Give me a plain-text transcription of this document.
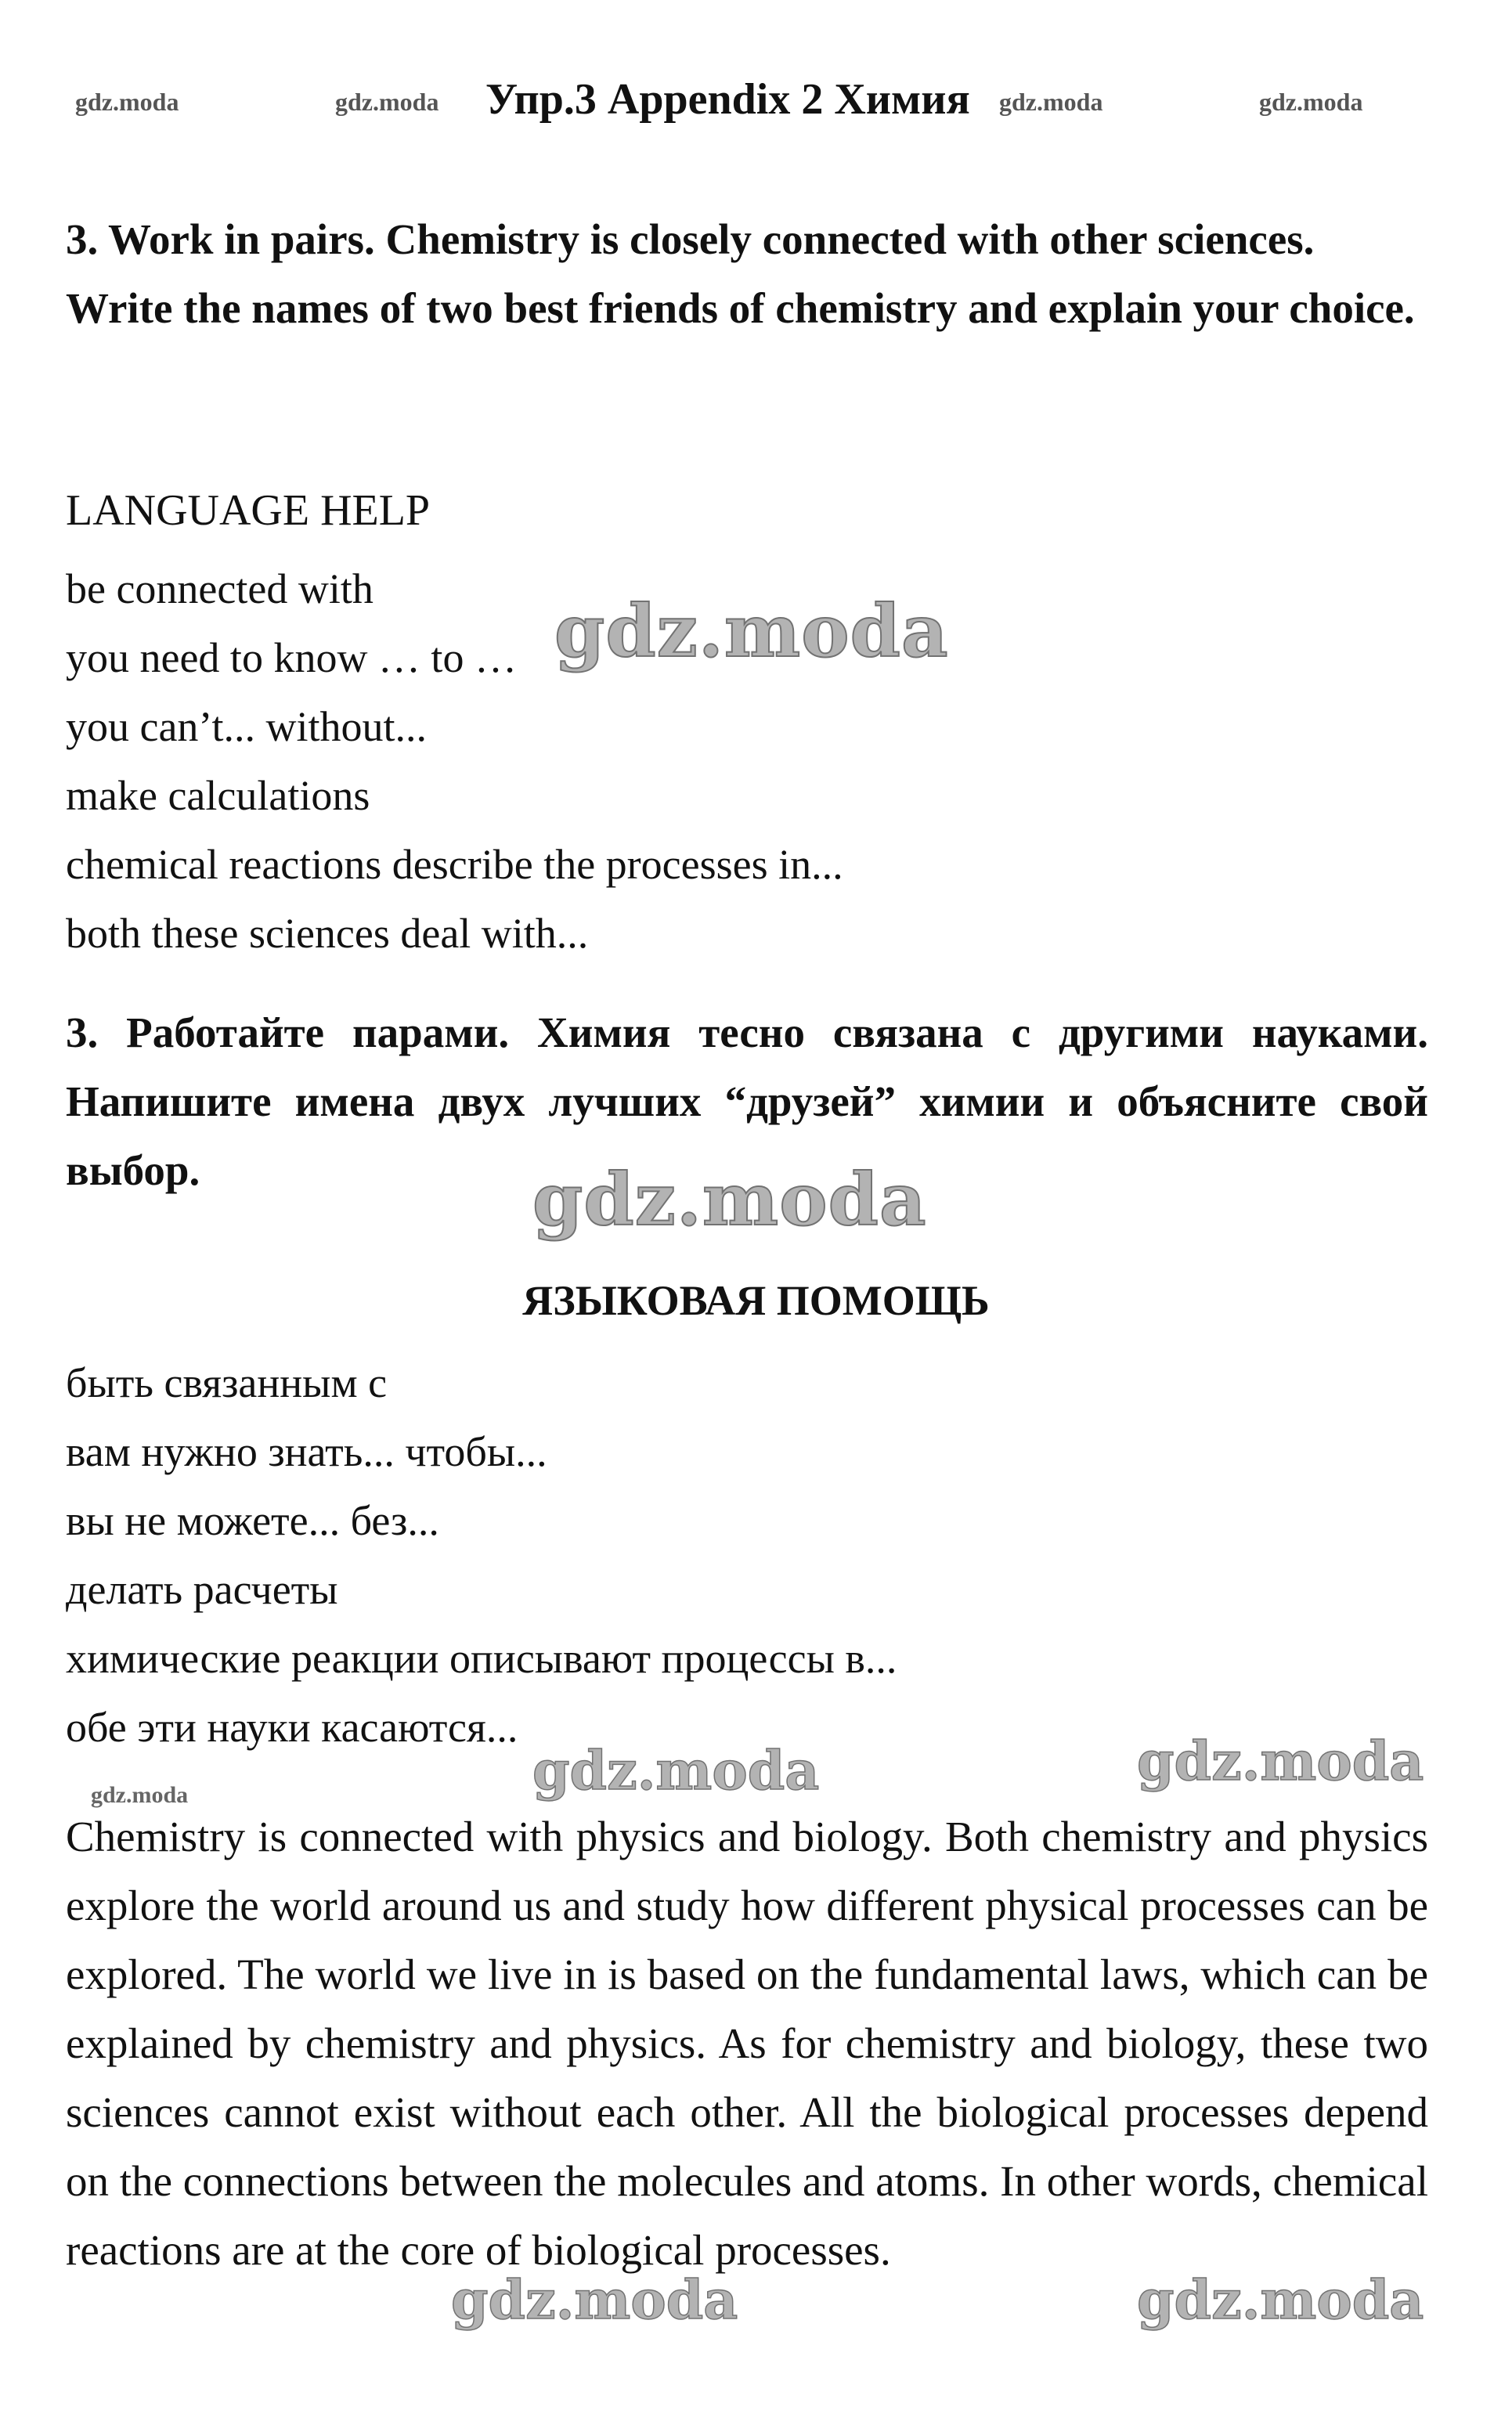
gdz.moda	gdz.moda Упр.3 Appendix 2 Химия gdz.moda	gdz.moda

3. Work in pairs. Chemistry is closely connected with other sciences. Write the names of two best friends of chemistry and explain your choice.

LANGUAGE HELP
be connected with
you need to know … to …
you can’t... without...
make calculations
chemical reactions describe the processes in...
both these sciences deal with...

3. Работайте парами. Химия тесно связана с другими науками. Напишите имена двух лучших “друзей” химии и объясните свой выбор.

ЯЗЫКОВАЯ ПОМОЩЬ
быть связанным с
вам нужно знать... чтобы...
вы не можете... без...
делать расчеты
химические реакции описывают процессы в...
обе эти науки касаются...

Chemistry is connected with physics and biology. Both chemistry and physics explore the world around us and study how different physical processes can be explored. The world we live in is based on the fundamental laws, which can be explained by chemistry and physics. As for chemistry and biology, these two sciences cannot exist without each other. All the biological processes depend on the connections between the molecules and atoms. In other words, chemical reactions are at the core of biological processes.

gdz.moda
gdz.moda
gdz.moda	gdz.moda
gdz.moda
gdz.moda	gdz.moda
